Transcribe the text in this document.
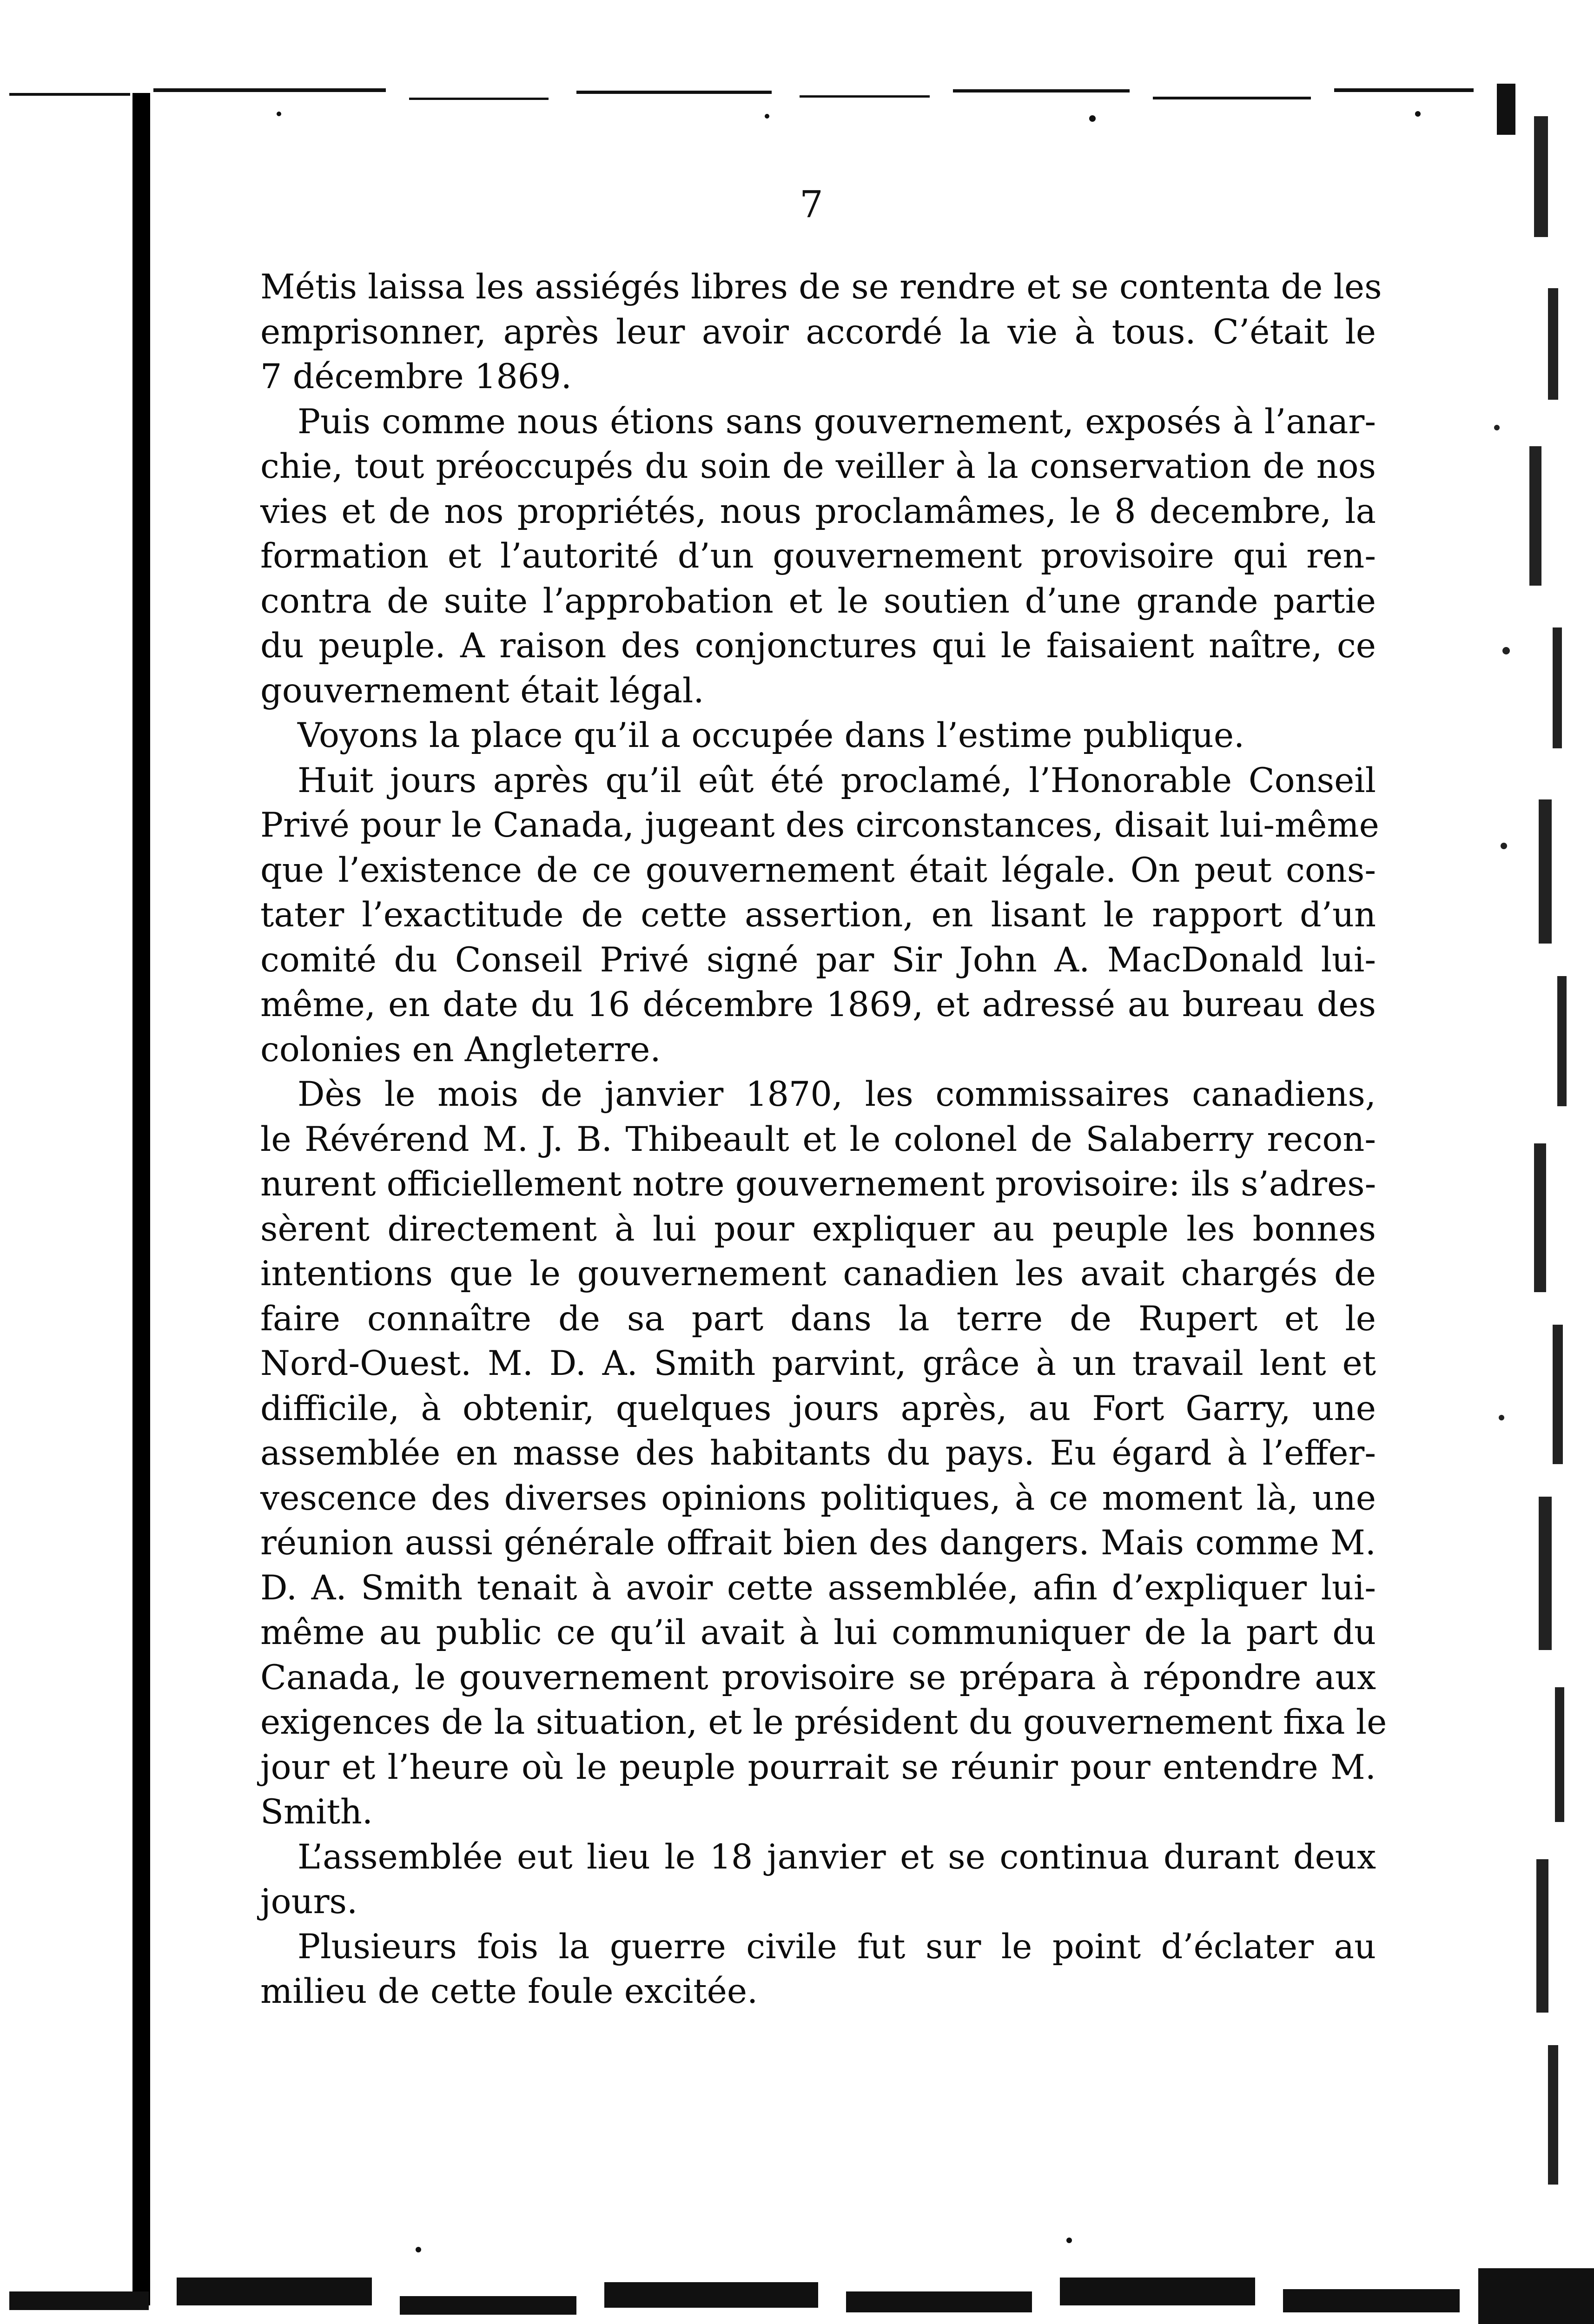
7
Métis laissa les assiégés libres de se rendre et se contenta de les
emprisonner, après leur avoir accordé la vie à tous. C’était le
7 décembre 1869.
Puis comme nous étions sans gouvernement, exposés à l’anar-
chie, tout préoccupés du soin de veiller à la conservation de nos
vies et de nos propriétés, nous proclamâmes, le 8 decembre, la
formation et l’autorité d’un gouvernement provisoire qui ren-
contra de suite l’approbation et le soutien d’une grande partie
du peuple. A raison des conjonctures qui le faisaient naître, ce
gouvernement était légal.
Voyons la place qu’il a occupée dans l’estime publique.
Huit jours après qu’il eût été proclamé, l’Honorable Conseil
Privé pour le Canada, jugeant des circonstances, disait lui-même
que l’existence de ce gouvernement était légale. On peut cons-
tater l’exactitude de cette assertion, en lisant le rapport d’un
comité du Conseil Privé signé par Sir John A. MacDonald lui-
même, en date du 16 décembre 1869, et adressé au bureau des
colonies en Angleterre.
Dès le mois de janvier 1870, les commissaires canadiens,
le Révérend M. J. B. Thibeault et le colonel de Salaberry recon-
nurent officiellement notre gouvernement provisoire: ils s’adres-
sèrent directement à lui pour expliquer au peuple les bonnes
intentions que le gouvernement canadien les avait chargés de
faire connaître de sa part dans la terre de Rupert et le
Nord-Ouest. M. D. A. Smith parvint, grâce à un travail lent et
difficile, à obtenir, quelques jours après, au Fort Garry, une
assemblée en masse des habitants du pays. Eu égard à l’effer-
vescence des diverses opinions politiques, à ce moment là, une
réunion aussi générale offrait bien des dangers. Mais comme M.
D. A. Smith tenait à avoir cette assemblée, afin d’expliquer lui-
même au public ce qu’il avait à lui communiquer de la part du
Canada, le gouvernement provisoire se prépara à répondre aux
exigences de la situation, et le président du gouvernement fixa le
jour et l’heure où le peuple pourrait se réunir pour entendre M.
Smith.
L’assemblée eut lieu le 18 janvier et se continua durant deux
jours.
Plusieurs fois la guerre civile fut sur le point d’éclater au
milieu de cette foule excitée.
